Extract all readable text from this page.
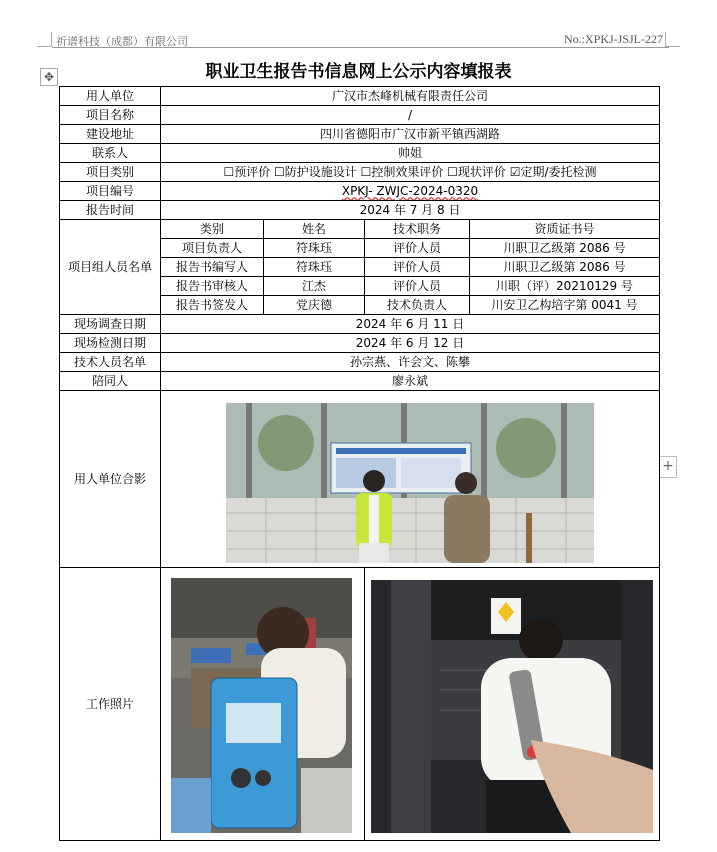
祈谱科技（成都）有限公司	No.:XPKJ-JSJL-227
✥
+
职业卫生报告书信息网上公示内容填报表
用人单位	广汉市杰峰机械有限责任公司			
项目名称	/			
建设地址	四川省德阳市广汉市新平镇西湖路			
联系人	帅姐			
项目类别	☐预评价 ☐防护设施设计 ☐控制效果评价 ☐现状评价 ☑定期/委托检测			
项目编号	XPKJ- ZWJC-2024-0320			
报告时间	2024 年 7 月 8 日			
项目组人员名单	类别	姓名	技术职务	资质证书号
	项目负责人	符珠珏	评价人员	川职卫乙级第 2086 号
	报告书编写人	符珠珏	评价人员	川职卫乙级第 2086 号
	报告书审核人	江杰	评价人员	川职（评）20210129 号
	报告书签发人	党庆德	技术负责人	川安卫乙构培字第 0041 号
现场调查日期	2024 年 6 月 11 日			
现场检测日期	2024 年 6 月 12 日			
技术人员名单	孙宗燕、许会文、陈攀			
陪同人	廖永斌			
用人单位合影	

工作照片	
